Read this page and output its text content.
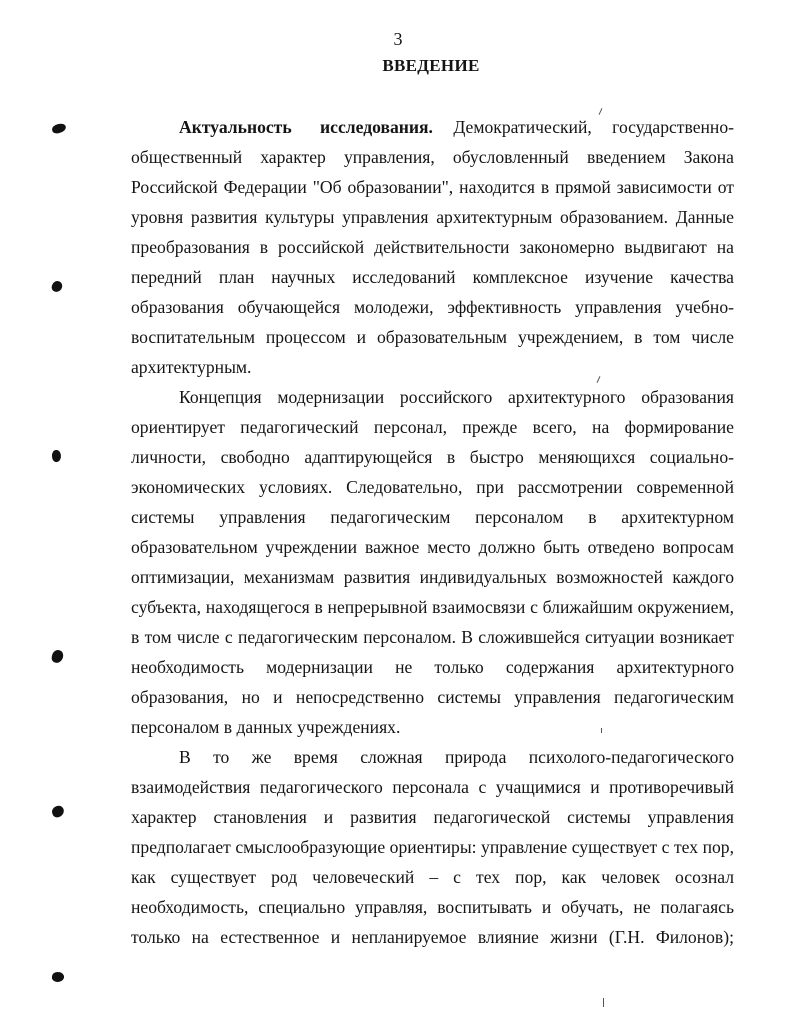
3
ВВЕДЕНИЕ

Актуальность исследования. Демократический, государственно-общественный характер управления, обусловленный введением Закона Российской Федерации "Об образовании", находится в прямой зависимости от уровня развития культуры управления архитектурным образованием. Данные преобразования в российской действительности закономерно выдвигают на передний план научных исследований комплексное изучение качества образования обучающейся молодежи, эффективность управления учебно-воспитательным процессом и образовательным учреждением, в том числе архитектурным.

Концепция модернизации российского архитектурного образования ориентирует педагогический персонал, прежде всего, на формирование личности, свободно адаптирующейся в быстро меняющихся социально-экономических условиях. Следовательно, при рассмотрении современной системы управления педагогическим персоналом в архитектурном образовательном учреждении важное место должно быть отведено вопросам оптимизации, механизмам развития индивидуальных возможностей каждого субъекта, находящегося в непрерывной взаимосвязи с ближайшим окружением, в том числе с педагогическим персоналом. В сложившейся ситуации возникает необходимость модернизации не только содержания архитектурного образования, но и непосредственно системы управления педагогическим персоналом в данных учреждениях.

В то же время сложная природа психолого-педагогического взаимодействия педагогического персонала с учащимися и противоречивый характер становления и развития педагогической системы управления предполагает смыслообразующие ориентиры: управление существует с тех пор, как существует род человеческий – с тех пор, как человек осознал необходимость, специально управляя, воспитывать и обучать, не полагаясь только на естественное и непланируемое влияние жизни (Г.Н. Филонов);
